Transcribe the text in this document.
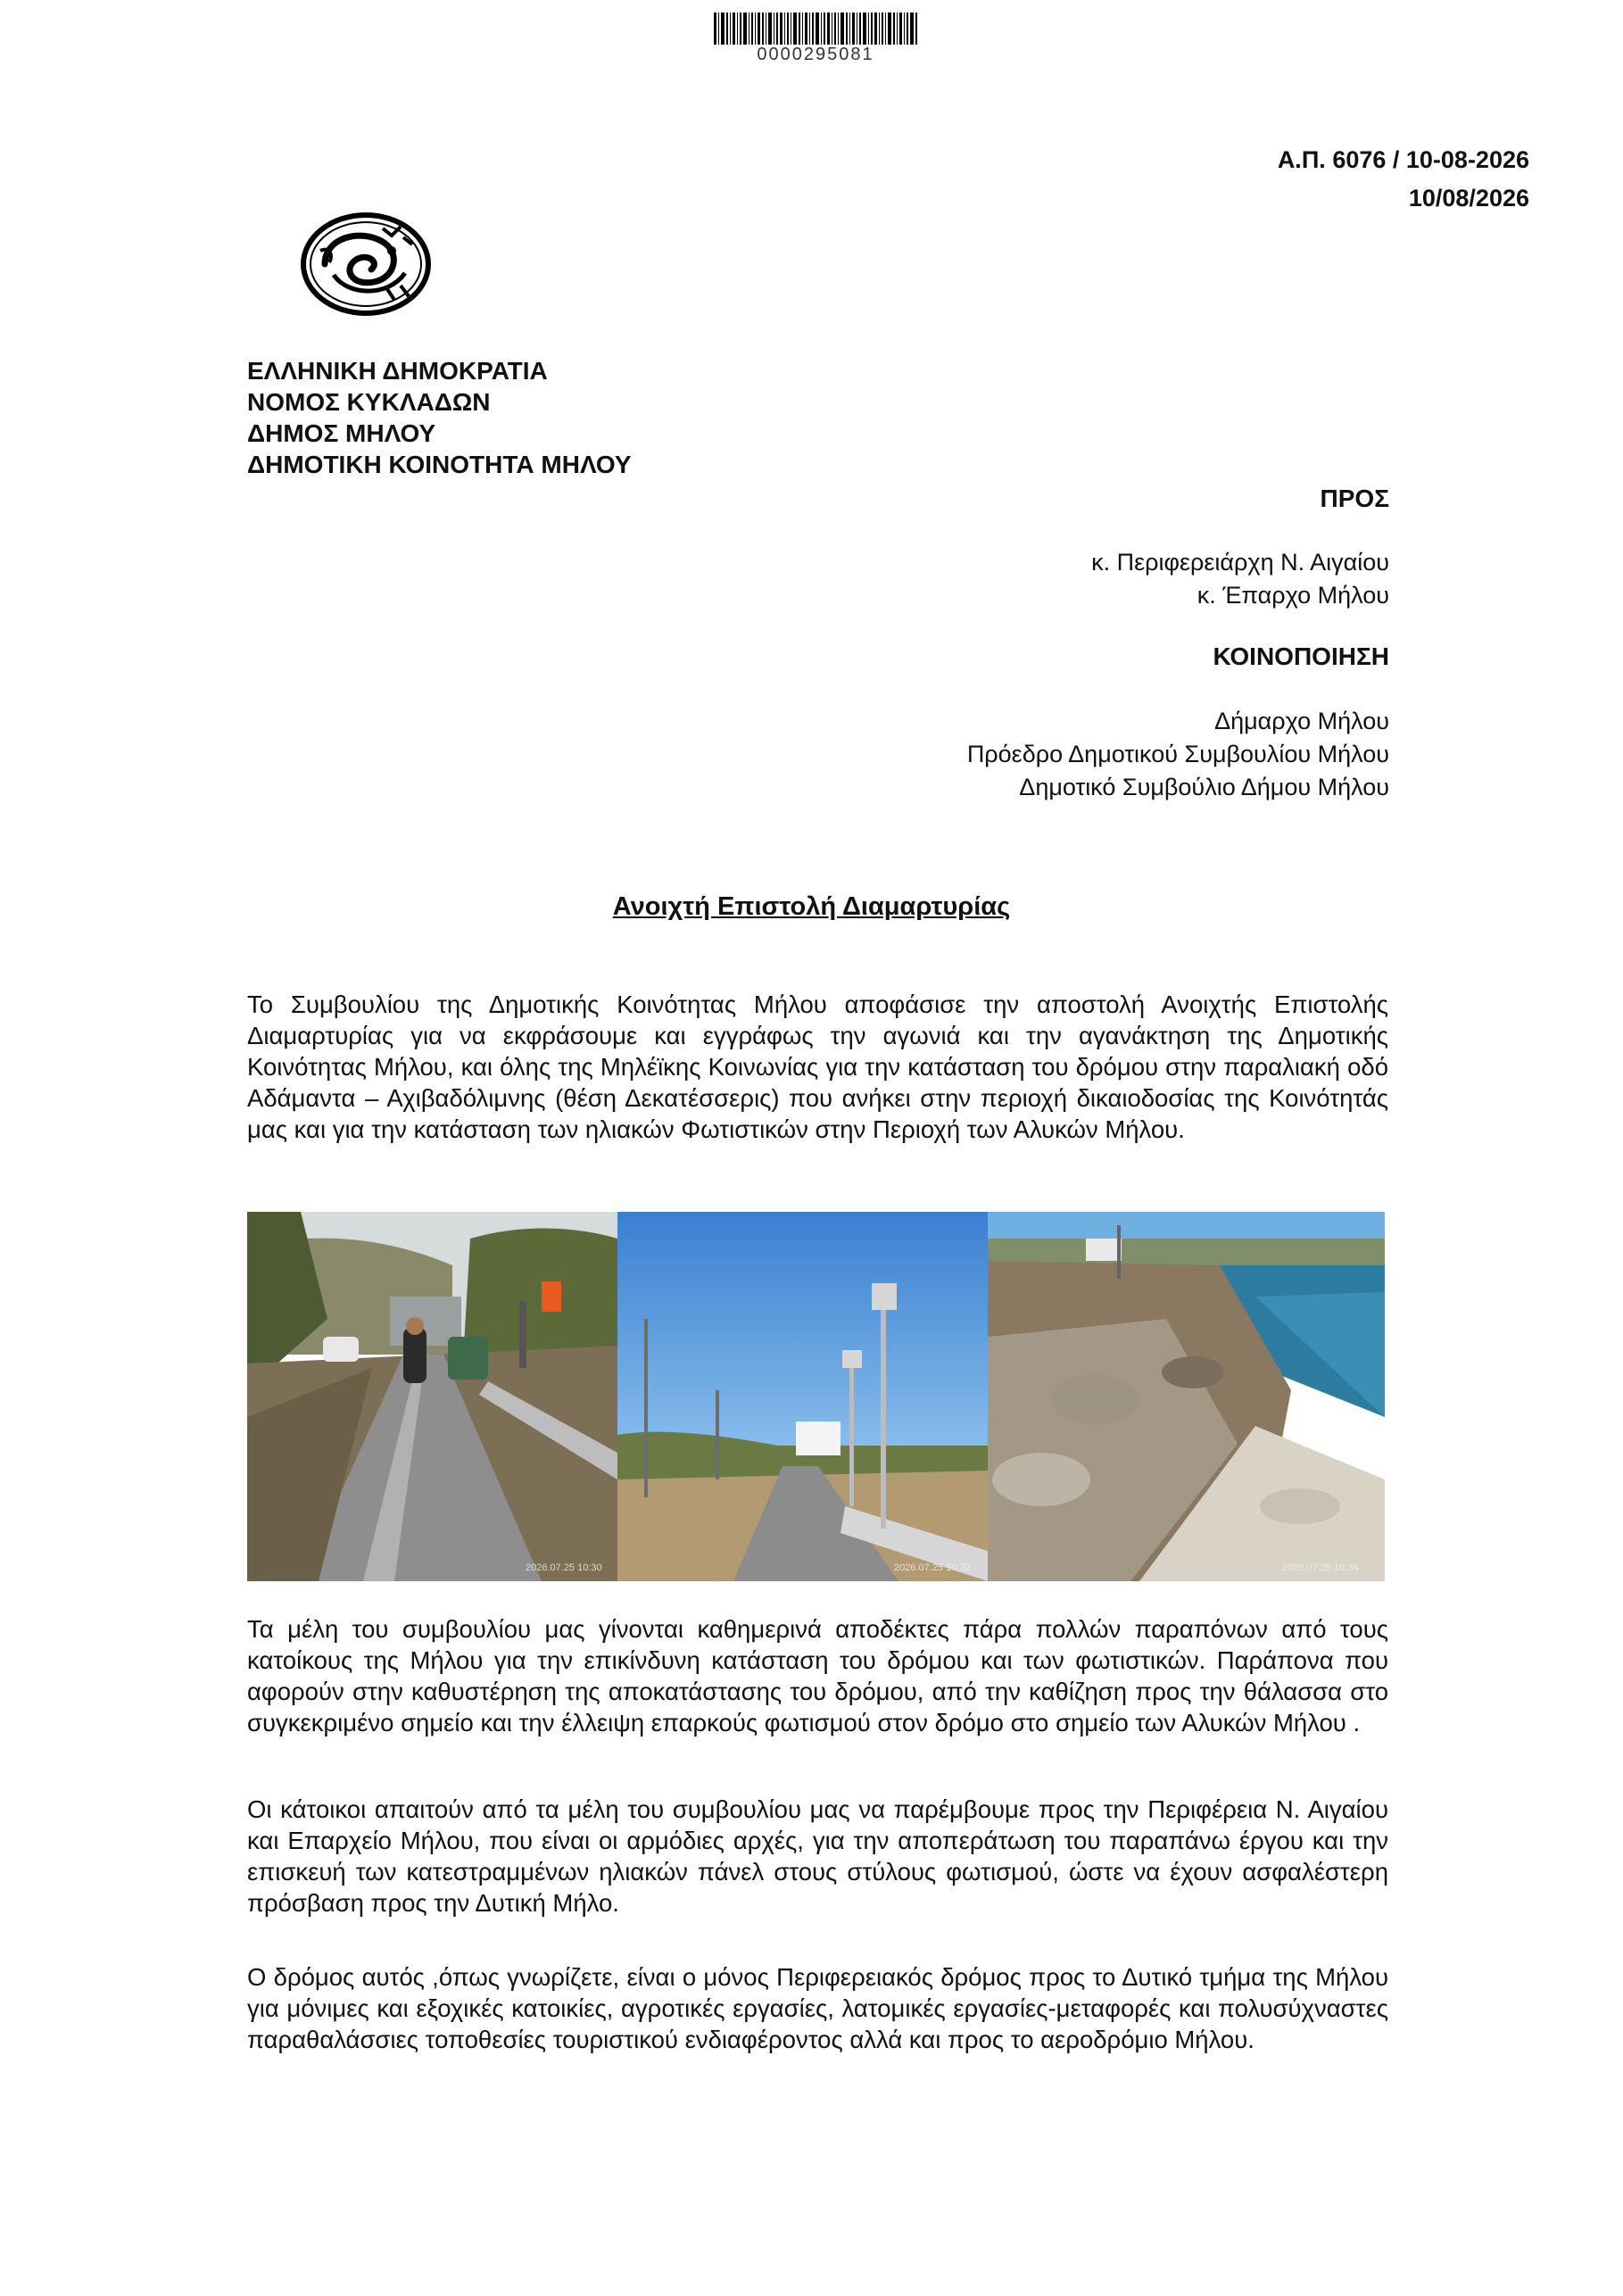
0000295081
Α.Π. 6076 / 10-08-2026
10/08/2026
ΕΛΛΗΝΙΚΗ ΔΗΜΟΚΡΑΤΙΑ
ΝΟΜΟΣ ΚΥΚΛΑΔΩΝ
ΔΗΜΟΣ ΜΗΛΟΥ
ΔΗΜΟΤΙΚΗ ΚΟΙΝΟΤΗΤΑ ΜΗΛΟΥ
ΠΡΟΣ
κ. Περιφερειάρχη Ν. Αιγαίου
κ. Έπαρχο Μήλου
ΚΟΙΝΟΠΟΙΗΣΗ
Δήμαρχο Μήλου
Πρόεδρο Δημοτικού Συμβουλίου Μήλου
Δημοτικό Συμβούλιο Δήμου Μήλου
Ανοιχτή Επιστολή Διαμαρτυρίας
Το Συμβουλίου της Δημοτικής Κοινότητας Μήλου αποφάσισε την αποστολή Ανοιχτής Επιστολής Διαμαρτυρίας για να εκφράσουμε και εγγράφως την αγωνιά και την αγανάκτηση της Δημοτικής Κοινότητας Μήλου, και όλης της Μηλέϊκης Κοινωνίας για την κατάσταση του δρόμου στην παραλιακή οδό Αδάμαντα – Αχιβαδόλιμνης (θέση Δεκατέσσερις) που ανήκει στην περιοχή δικαιοδοσίας της Κοινότητάς μας και για την κατάσταση των ηλιακών Φωτιστικών στην Περιοχή των Αλυκών Μήλου.
2026.07.25 10:30	2026.07.25 10:32	2026.07.25 10:34
Τα μέλη του συμβουλίου μας γίνονται καθημερινά αποδέκτες πάρα πολλών παραπόνων από τους κατοίκους της Μήλου για την επικίνδυνη κατάσταση του δρόμου και των φωτιστικών. Παράπονα που αφορούν στην καθυστέρηση της αποκατάστασης του δρόμου, από την καθίζηση προς την θάλασσα στο συγκεκριμένο σημείο και την έλλειψη επαρκούς φωτισμού στον δρόμο στο σημείο των Αλυκών Μήλου .
Οι κάτοικοι απαιτούν από τα μέλη του συμβουλίου μας να παρέμβουμε προς την Περιφέρεια Ν. Αιγαίου και Επαρχείο Μήλου, που είναι οι αρμόδιες αρχές, για την αποπεράτωση του παραπάνω έργου και την επισκευή των κατεστραμμένων ηλιακών πάνελ στους στύλους φωτισμού, ώστε να έχουν ασφαλέστερη πρόσβαση προς την Δυτική Μήλο.
Ο δρόμος αυτός ,όπως γνωρίζετε, είναι ο μόνος Περιφερειακός δρόμος προς το Δυτικό τμήμα της Μήλου για μόνιμες και εξοχικές κατοικίες, αγροτικές εργασίες, λατομικές εργασίες-μεταφορές και πολυσύχναστες παραθαλάσσιες τοποθεσίες τουριστικού ενδιαφέροντος αλλά και προς το αεροδρόμιο Μήλου.
